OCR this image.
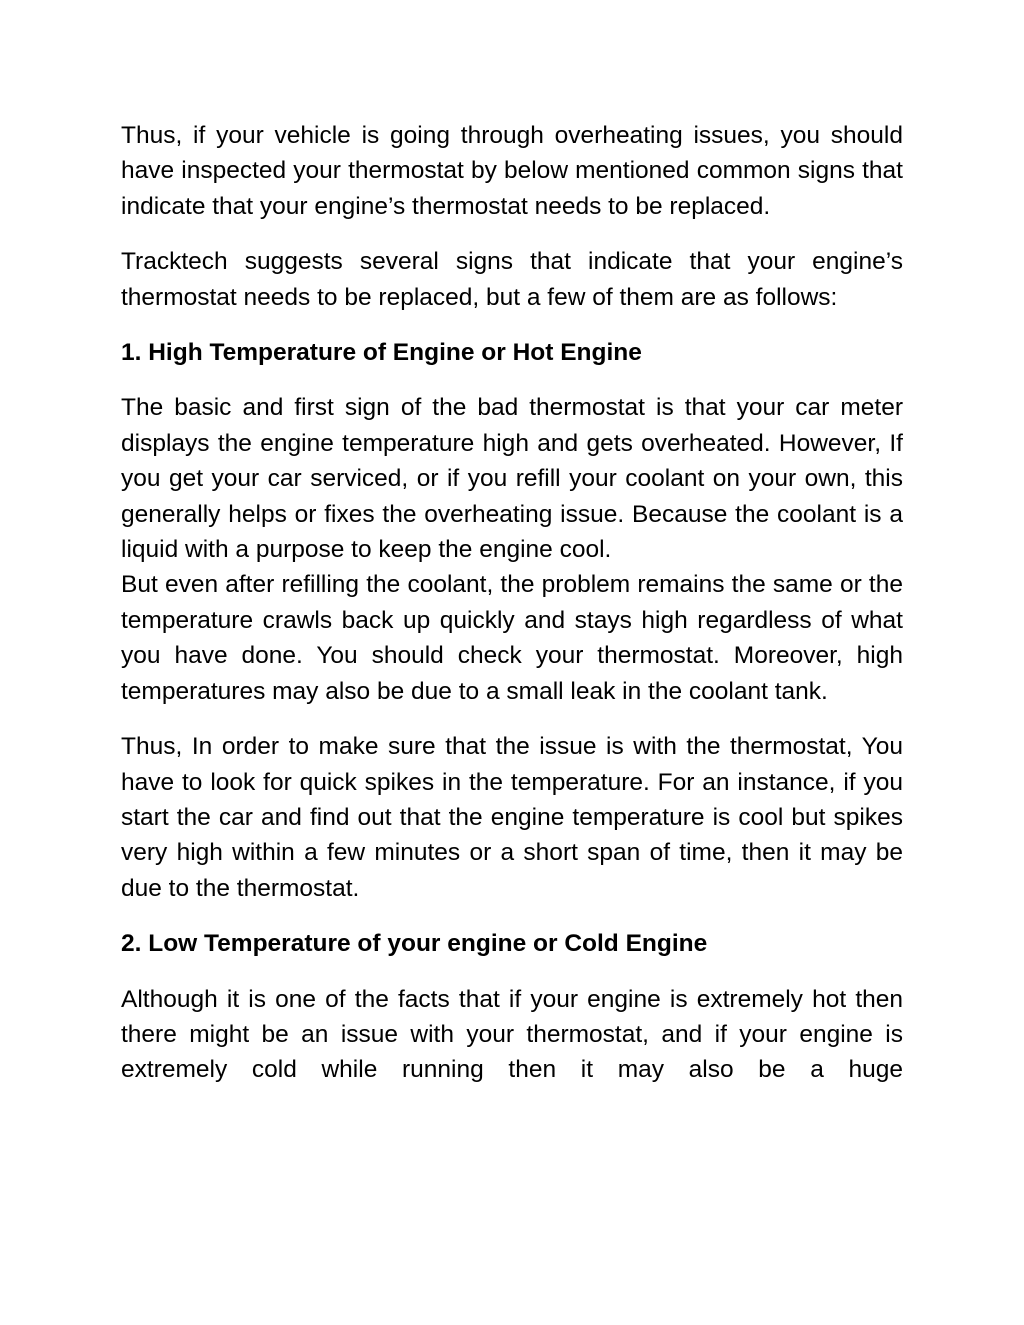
Thus, if your vehicle is going through overheating issues, you should have inspected your thermostat by below mentioned common signs that indicate that your engine’s thermostat needs to be replaced.

Tracktech suggests several signs that indicate that your engine’s thermostat needs to be replaced, but a few of them are as follows:

1. High Temperature of Engine or Hot Engine

The basic and first sign of the bad thermostat is that your car meter displays the engine temperature high and gets overheated. However, If you get your car serviced, or if you refill your coolant on your own, this generally helps or fixes the overheating issue. Because the coolant is a liquid with a purpose to keep the engine cool.

But even after refilling the coolant, the problem remains the same or the temperature crawls back up quickly and stays high regardless of what you have done. You should check your thermostat. Moreover, high temperatures may also be due to a small leak in the coolant tank.

Thus, In order to make sure that the issue is with the thermostat, You have to look for quick spikes in the temperature. For an instance, if you start the car and find out that the engine temperature is cool but spikes very high within a few minutes or a short span of time, then it may be due to the thermostat.

2. Low Temperature of your engine or Cold Engine

Although it is one of the facts that if your engine is extremely hot then there might be an issue with your thermostat, and if your engine is extremely cold while running then it may also be a huge
